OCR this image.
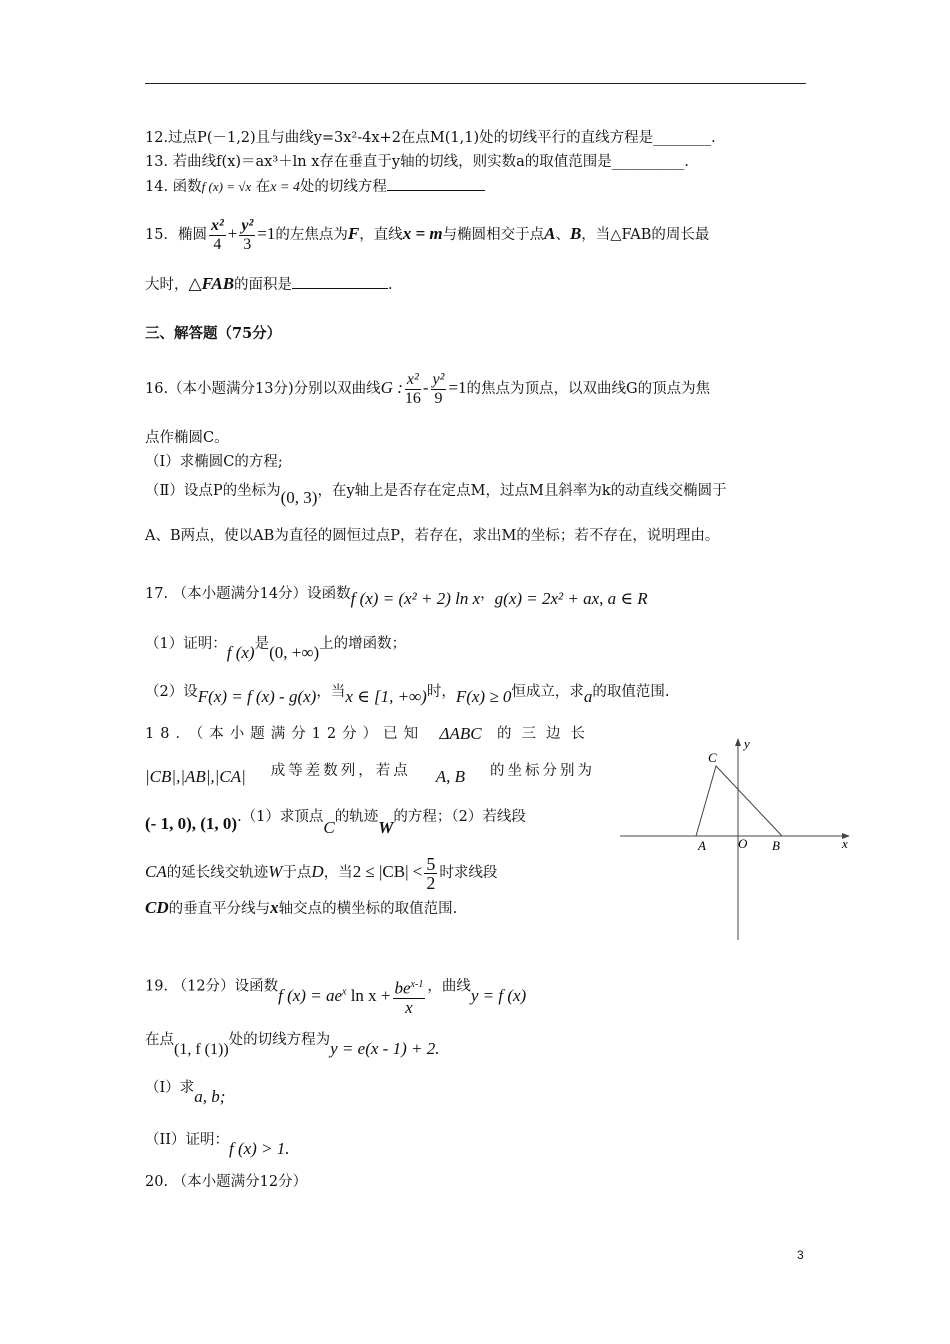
12.过点P(－1,2)且与曲线y=3x²-4x+2在点M(1,1)处的切线平行的直线方程是________.
13. 若曲线f(x)＝ax³＋ln x存在垂直于y轴的切线，则实数a的取值范围是__________.
14. 函数f (x) = √x 在x = 4处的切线方程
15．椭圆 $\frac{\text{x²}}{4} + \frac{\text{y²}}{3} =1$的左焦点为F，直线x = m与椭圆相交于点A、B，当△FAB的周长最
大时，△FAB的面积是	.
三、解答题（75分）
16.（本小题满分13分)分别以双曲线G : $\frac{\text{x²}}{16} - \frac{\text{y²}}{9} =1$的焦点为顶点，以双曲线G的顶点为焦
点作椭圆C。
（Ⅰ）求椭圆C的方程;
（Ⅱ）设点P的坐标为(0, 3)，在y轴上是否存在定点M，过点M且斜率为k的动直线交椭圆于
A、B两点，使以AB为直径的圆恒过点P，若存在，求出M的坐标；若不存在，说明理由。
17. （本小题满分14分）设函数f (x) = (x² + 2) ln x，g(x) = 2x² + ax, a ∈ R
（1）证明：f (x)是(0, +∞)上的增函数；
（2）设F(x) = f (x) - g(x)，当x ∈ [1, +∞)时，F(x) ≥ 0恒成立，求a的取值范围.
18．（本小题满分12分）已知 ΔABC 的三边长
|CB|,|AB|,|CA| 成等差数列，若点 A, B 的坐标分别为
(- 1, 0), (1, 0).（1）求顶点C的轨迹W的方程；（2）若线段
CA的延长线交轨迹W于点D，当$2 \le |CB| < \frac{5}{2}$ 时求线段
CD的垂直平分线与x轴交点的横坐标的取值范围.
y
x
C
A O B
19. （12分）设函数f $(x) = ae^x$ $\ln x + \frac{be^{x-1}}{x}$ ，曲线y = f (x)
在点(1, f (1))处的切线方程为y = e(x - 1) + 2.
（I）求a, b;
（II）证明：f (x) > 1.
20. （本小题满分12分）
3
